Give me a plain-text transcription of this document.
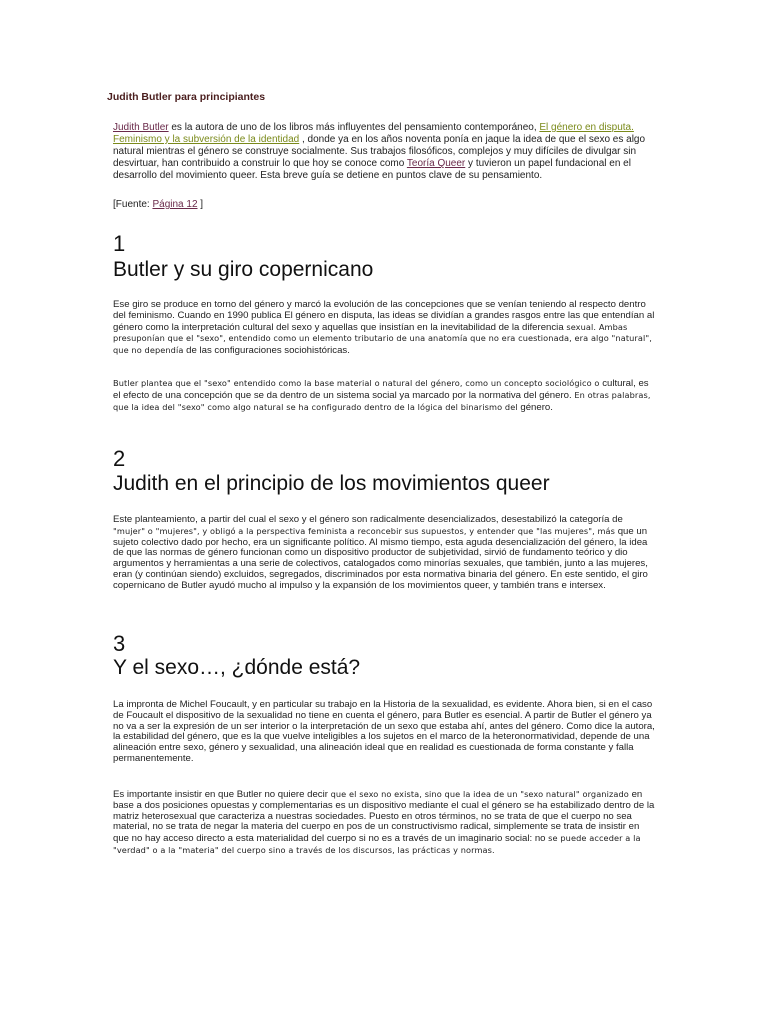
Judith Butler para principiantes

Judith Butler es la autora de uno de los libros más influyentes del pensamiento contemporáneo, El género en disputa. Feminismo y la subversión de la identidad , donde ya en los años noventa ponía en jaque la idea de que el sexo es algo natural mientras el género se construye socialmente. Sus trabajos filosóficos, complejos y muy difíciles de divulgar sin desvirtuar, han contribuido a construir lo que hoy se conoce como Teoría Queer y tuvieron un papel fundacional en el desarrollo del movimiento queer. Esta breve guía se detiene en puntos clave de su pensamiento.

[Fuente: Página 12 ]
1
Butler y su giro copernicano

Ese giro se produce en torno del género y marcó la evolución de las concepciones que se venían teniendo al respecto dentro del feminismo. Cuando en 1990 publica El género en disputa, las ideas se dividían a grandes rasgos entre las que entendían al género como la interpretación cultural del sexo y aquellas que insistían en la inevitabilidad de la diferencia sexual. Ambas presuponían que el "sexo", entendido como un elemento tributario de una anatomía que no era cuestionada, era algo "natural", que no dependía de las configuraciones sociohistóricas.

Butler plantea que el "sexo" entendido como la base material o natural del género, como un concepto sociológico o cultural, es el efecto de una concepción que se da dentro de un sistema social ya marcado por la normativa del género. En otras palabras, que la idea del "sexo" como algo natural se ha configurado dentro de la lógica del binarismo del género.

2
Judith en el principio de los movimientos queer

Este planteamiento, a partir del cual el sexo y el género son radicalmente desencializados, desestabilizó la categoría de "mujer" o "mujeres", y obligó a la perspectiva feminista a reconcebir sus supuestos, y entender que "las mujeres", más que un sujeto colectivo dado por hecho, era un significante político. Al mismo tiempo, esta aguda desencialización del género, la idea de que las normas de género funcionan como un dispositivo productor de subjetividad, sirvió de fundamento teórico y dio argumentos y herramientas a una serie de colectivos, catalogados como minorías sexuales, que también, junto a las mujeres, eran (y continúan siendo) excluidos, segregados, discriminados por esta normativa binaria del género. En este sentido, el giro copernicano de Butler ayudó mucho al impulso y la expansión de los movimientos queer, y también trans e intersex.

3
Y el sexo…, ¿dónde está?

La impronta de Michel Foucault, y en particular su trabajo en la Historia de la sexualidad, es evidente. Ahora bien, si en el caso de Foucault el dispositivo de la sexualidad no tiene en cuenta el género, para Butler es esencial. A partir de Butler el género ya no va a ser la expresión de un ser interior o la interpretación de un sexo que estaba ahí, antes del género. Como dice la autora, la estabilidad del género, que es la que vuelve inteligibles a los sujetos en el marco de la heteronormatividad, depende de una alineación entre sexo, género y sexualidad, una alineación ideal que en realidad es cuestionada de forma constante y falla permanentemente.

Es importante insistir en que Butler no quiere decir que el sexo no exista, sino que la idea de un "sexo natural" organizado en base a dos posiciones opuestas y complementarias es un dispositivo mediante el cual el género se ha estabilizado dentro de la matriz heterosexual que caracteriza a nuestras sociedades. Puesto en otros términos, no se trata de que el cuerpo no sea material, no se trata de negar la materia del cuerpo en pos de un constructivismo radical, simplemente se trata de insistir en que no hay acceso directo a esta materialidad del cuerpo si no es a través de un imaginario social: no se puede acceder a la "verdad" o a la "materia" del cuerpo sino a través de los discursos, las prácticas y normas.
